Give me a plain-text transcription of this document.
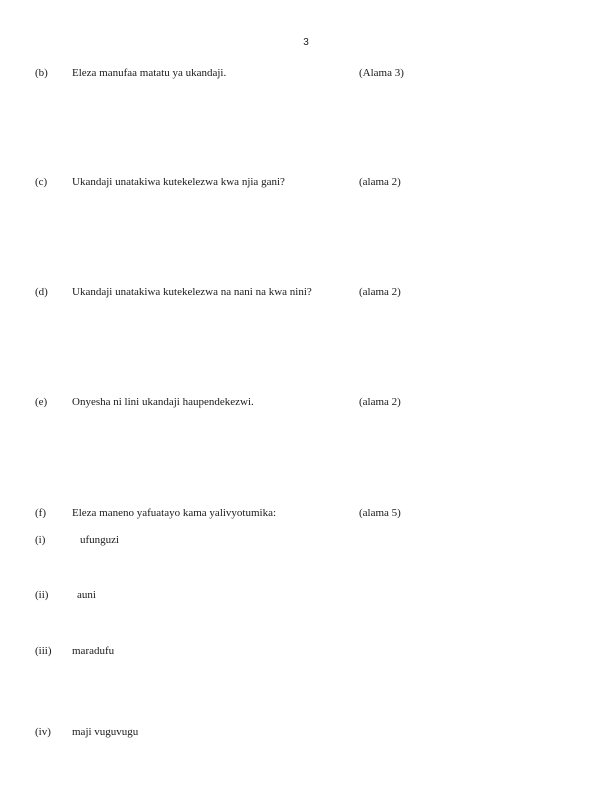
3
(b) Eleza manufaa matatu ya ukandaji.	(Alama 3)
(c) Ukandaji unatakiwa kutekelezwa kwa njia gani?	(alama 2)
(d) Ukandaji unatakiwa kutekelezwa na nani na kwa nini?	(alama 2)
(e) Onyesha ni lini ukandaji haupendekezwi.	(alama 2)
(f) Eleza maneno yafuatayo kama yalivyotumika:	(alama 5)
(i)	ufunguzi
(ii)	auni
(iii) maradufu
(iv) maji vuguvugu
